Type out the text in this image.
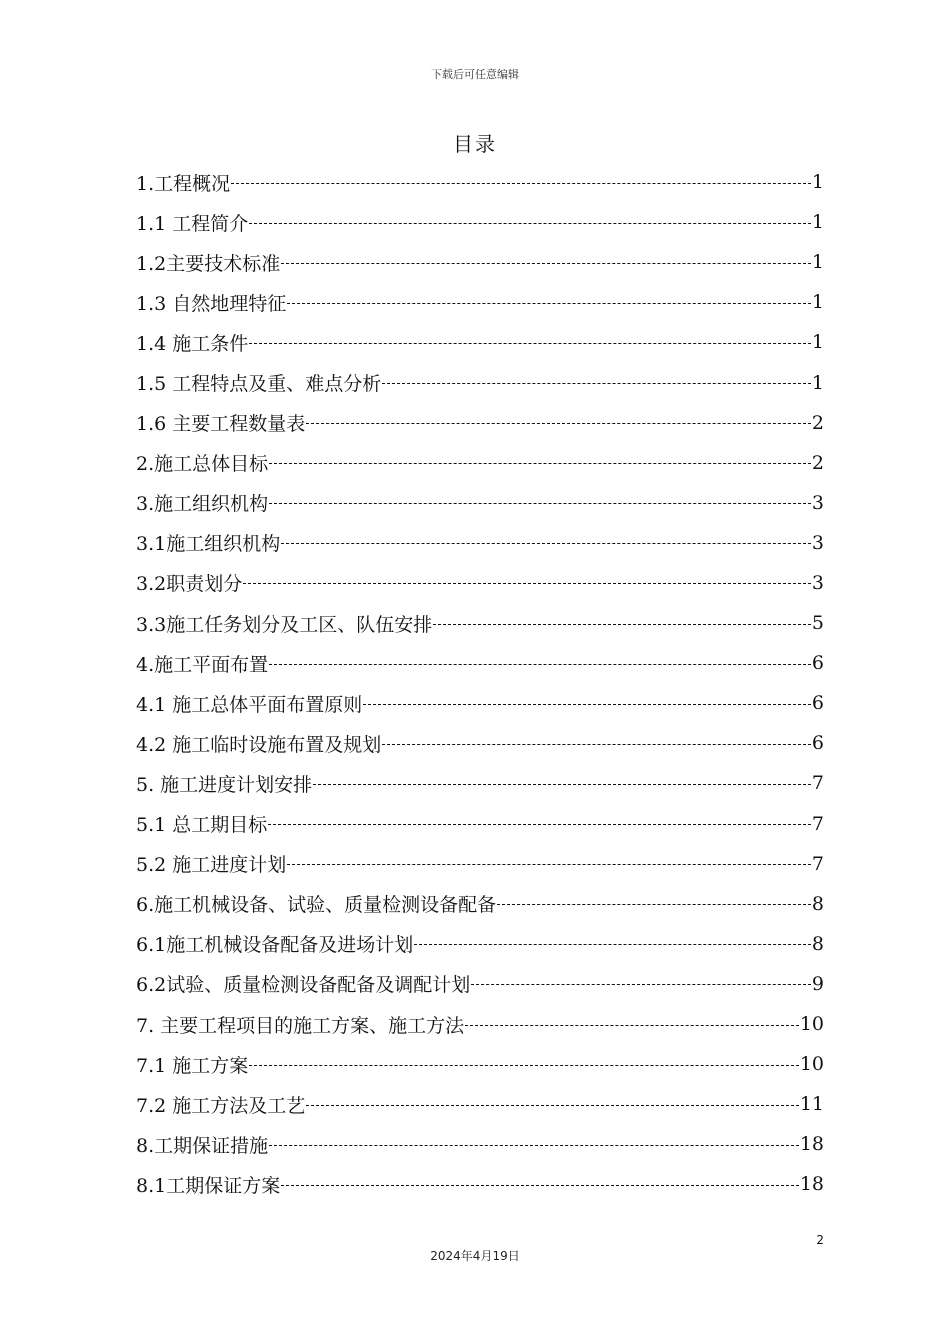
下载后可任意编辑
目录
1.工程概况	1
1.1 工程简介	1
1.2主要技术标准	1
1.3 自然地理特征	1
1.4 施工条件	1
1.5 工程特点及重、难点分析	1
1.6 主要工程数量表	2
2.施工总体目标	2
3.施工组织机构	3
3.1施工组织机构	3
3.2职责划分	3
3.3施工任务划分及工区、队伍安排	5
4.施工平面布置	6
4.1 施工总体平面布置原则	6
4.2 施工临时设施布置及规划	6
5. 施工进度计划安排	7
5.1 总工期目标	7
5.2 施工进度计划	7
6.施工机械设备、试验、质量检测设备配备	8
6.1施工机械设备配备及进场计划	8
6.2试验、质量检测设备配备及调配计划	9
7. 主要工程项目的施工方案、施工方法	10
7.1 施工方案	10
7.2 施工方法及工艺	11
8.工期保证措施	18
8.1工期保证方案	18
2
2024年4月19日
